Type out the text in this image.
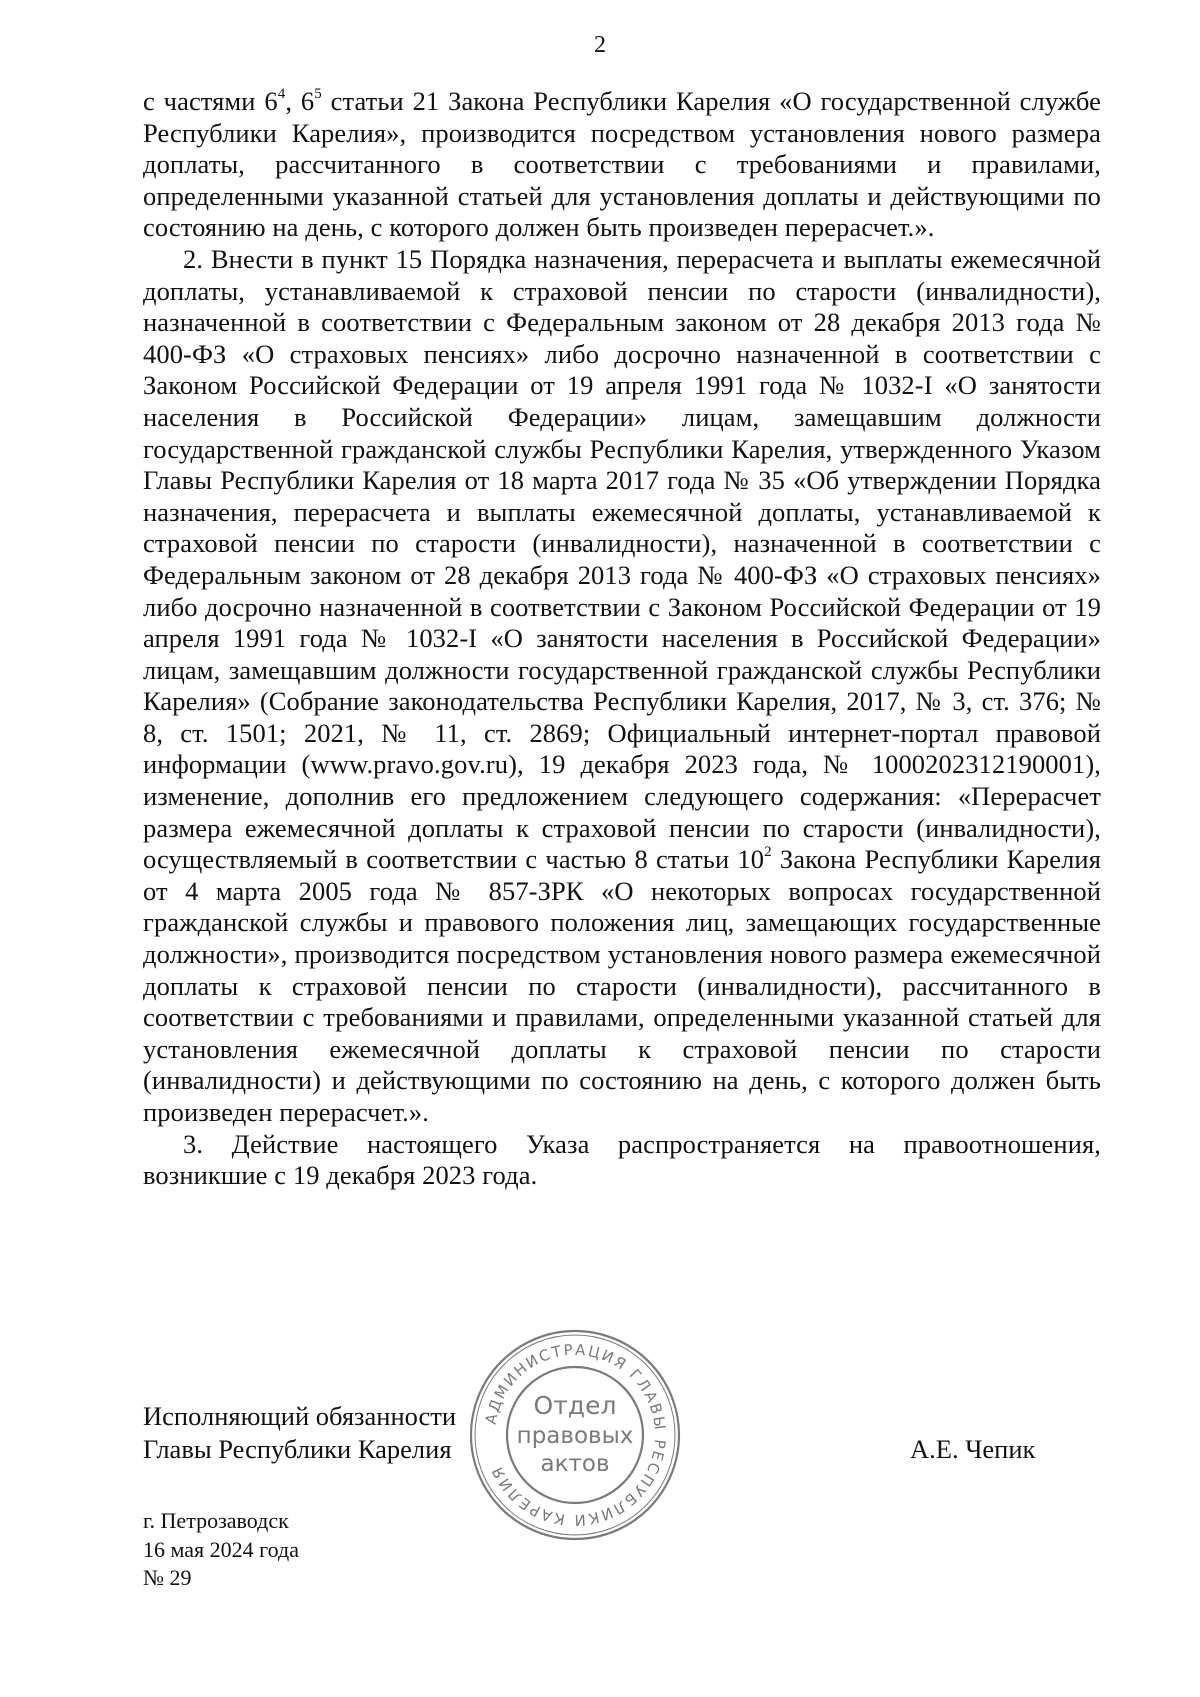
2

с частями $6^4$, $6^5$ статьи 21 Закона Республики Карелия «О государственной службе Республики Карелия», производится посредством установления нового размера доплаты, рассчитанного в соответствии с требованиями и правилами, определенными указанной статьей для установления доплаты и действующими по состоянию на день, с которого должен быть произведен перерасчет.».

2. Внести в пункт 15 Порядка назначения, перерасчета и выплаты ежемесячной доплаты, устанавливаемой к страховой пенсии по старости (инвалидности), назначенной в соответствии с Федеральным законом от 28 декабря 2013 года № 400-ФЗ «О страховых пенсиях» либо досрочно назначенной в соответствии с Законом Российской Федерации от 19 апреля 1991 года № 1032-I «О занятости населения в Российской Федерации» лицам, замещавшим должности государственной гражданской службы Республики Карелия, утвержденного Указом Главы Республики Карелия от 18 марта 2017 года № 35 «Об утверждении Порядка назначения, перерасчета и выплаты ежемесячной доплаты, устанавливаемой к страховой пенсии по старости (инвалидности), назначенной в соответствии с Федеральным законом от 28 декабря 2013 года № 400-ФЗ «О страховых пенсиях» либо досрочно назначенной в соответствии с Законом Российской Федерации от 19 апреля 1991 года № 1032-I «О занятости населения в Российской Федерации» лицам, замещавшим должности государственной гражданской службы Республики Карелия» (Собрание законодательства Республики Карелия, 2017, № 3, ст. 376; № 8, ст. 1501; 2021, № 11, ст. 2869; Официальный интернет-портал правовой информации (www.pravo.gov.ru), 19 декабря 2023 года, № 1000202312190001), изменение, дополнив его предложением следующего содержания: «Перерасчет размера ежемесячной доплаты к страховой пенсии по старости (инвалидности), осуществляемый в соответствии с частью 8 статьи $10^2$ Закона Республики Карелия от 4 марта 2005 года № 857-ЗРК «О некоторых вопросах государственной гражданской службы и правового положения лиц, замещающих государственные должности», производится посредством установления нового размера ежемесячной доплаты к страховой пенсии по старости (инвалидности), рассчитанного в соответствии с требованиями и правилами, определенными указанной статьей для установления ежемесячной доплаты к страховой пенсии по старости (инвалидности) и действующими по состоянию на день, с которого должен быть произведен перерасчет.».

3. Действие настоящего Указа распространяется на правоотношения, возникшие с 19 декабря 2023 года.

Исполняющий обязанности
Главы Республики Карелия	А.Е. Чепик
г. Петрозаводск
16 мая 2024 года
№ 29
АДМИНИСТРАЦИЯ ГЛАВЫ РЕСПУБЛИКИ КАРЕЛИЯ
Отдел
правовых
актов
